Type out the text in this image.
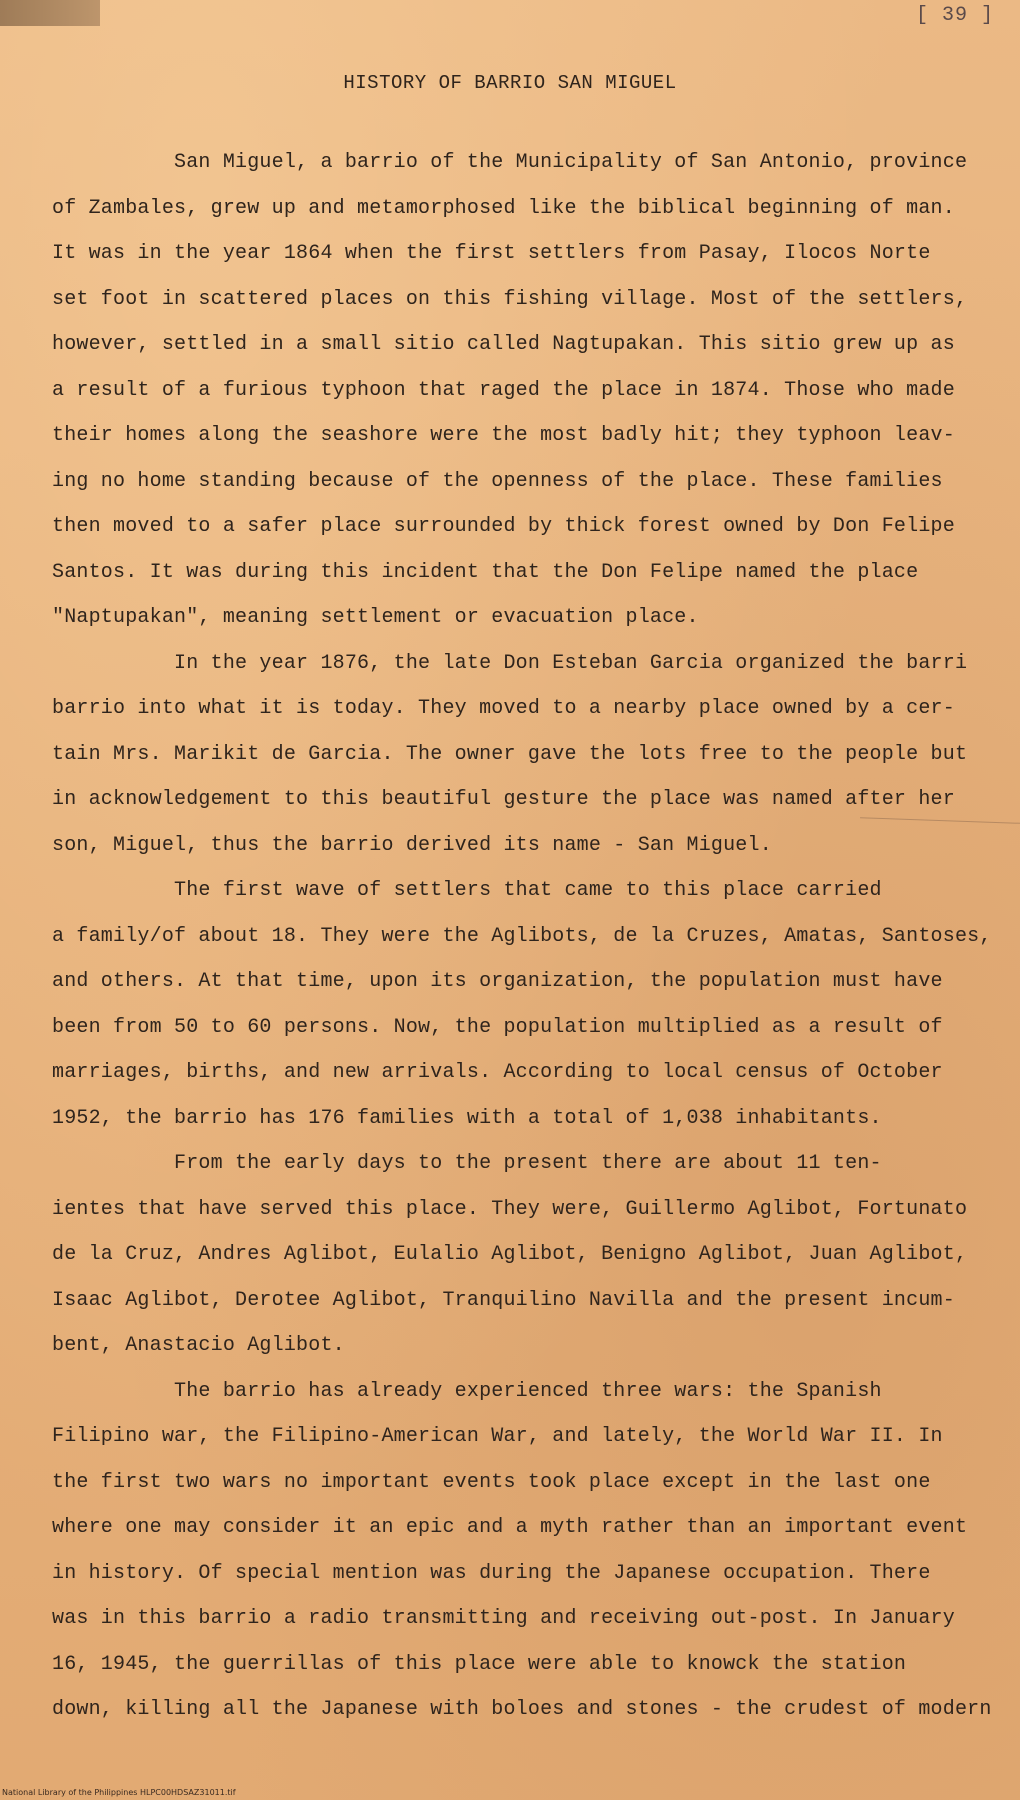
[ 39 ]
HISTORY OF BARRIO SAN MIGUEL
San Miguel, a barrio of the Municipality of San Antonio, province
of Zambales, grew up and metamorphosed like the biblical beginning of man.
It was in the year 1864 when the first settlers from Pasay, Ilocos Norte
set foot in scattered places on this fishing village. Most of the settlers,
however, settled in a small sitio called Nagtupakan. This sitio grew up as
a result of a furious typhoon that raged the place in 1874. Those who made
their homes along the seashore were the most badly hit; they typhoon leav-
ing no home standing because of the openness of the place. These families
then moved to a safer place surrounded by thick forest owned by Don Felipe
Santos. It was during this incident that the Don Felipe named the place
"Naptupakan", meaning settlement or evacuation place.
In the year 1876, the late Don Esteban Garcia organized the barri
barrio into what it is today. They moved to a nearby place owned by a cer-
tain Mrs. Marikit de Garcia. The owner gave the lots free to the people but
in acknowledgement to this beautiful gesture the place was named after her
son, Miguel, thus the barrio derived its name - San Miguel.
The first wave of settlers that came to this place carried
a family/of about 18. They were the Aglibots, de la Cruzes, Amatas, Santoses,
and others. At that time, upon its organization, the population must have
been from 50 to 60 persons. Now, the population multiplied as a result of
marriages, births, and new arrivals. According to local census of October
1952, the barrio has 176 families with a total of 1,038 inhabitants.
From the early days to the present there are about 11 ten-
ientes that have served this place. They were, Guillermo Aglibot, Fortunato
de la Cruz, Andres Aglibot, Eulalio Aglibot, Benigno Aglibot, Juan Aglibot,
Isaac Aglibot, Derotee Aglibot, Tranquilino Navilla and the present incum-
bent, Anastacio Aglibot.
The barrio has already experienced three wars: the Spanish
Filipino war, the Filipino-American War, and lately, the World War II. In
the first two wars no important events took place except in the last one
where one may consider it an epic and a myth rather than an important event
in history. Of special mention was during the Japanese occupation. There
was in this barrio a radio transmitting and receiving out-post. In January
16, 1945, the guerrillas of this place were able to knowck the station
down, killing all the Japanese with boloes and stones - the crudest of modern
National Library of the Philippines HLPC00HDSAZ31011.tif
